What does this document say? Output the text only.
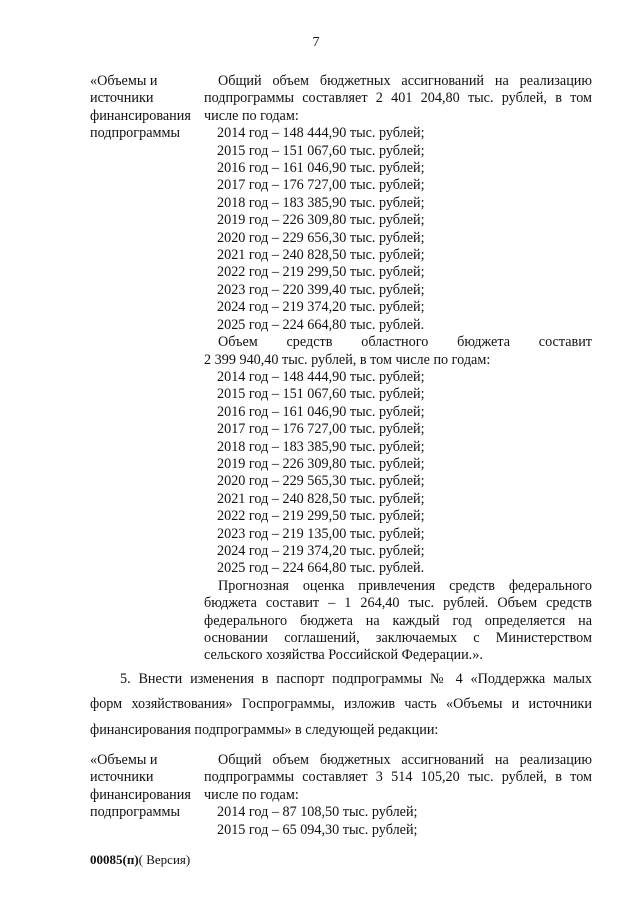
7
«Объемы и
источники
финансирования
подпрограммы
Общий объем бюджетных ассигнований на реализацию
подпрограммы составляет 2 401 204,80 тыс. рублей, в том
числе по годам:
2014 год – 148 444,90 тыс. рублей;
2015 год – 151 067,60 тыс. рублей;
2016 год – 161 046,90 тыс. рублей;
2017 год – 176 727,00 тыс. рублей;
2018 год – 183 385,90 тыс. рублей;
2019 год – 226 309,80 тыс. рублей;
2020 год – 229 656,30 тыс. рублей;
2021 год – 240 828,50 тыс. рублей;
2022 год – 219 299,50 тыс. рублей;
2023 год – 220 399,40 тыс. рублей;
2024 год – 219 374,20 тыс. рублей;
2025 год – 224 664,80 тыс. рублей.
Объем средств областного бюджета составит
2 399 940,40 тыс. рублей, в том числе по годам:
2014 год – 148 444,90 тыс. рублей;
2015 год – 151 067,60 тыс. рублей;
2016 год – 161 046,90 тыс. рублей;
2017 год – 176 727,00 тыс. рублей;
2018 год – 183 385,90 тыс. рублей;
2019 год – 226 309,80 тыс. рублей;
2020 год – 229 565,30 тыс. рублей;
2021 год – 240 828,50 тыс. рублей;
2022 год – 219 299,50 тыс. рублей;
2023 год – 219 135,00 тыс. рублей;
2024 год – 219 374,20 тыс. рублей;
2025 год – 224 664,80 тыс. рублей.
Прогнозная оценка привлечения средств федерального
бюджета составит – 1 264,40 тыс. рублей. Объем средств
федерального бюджета на каждый год определяется на
основании соглашений, заключаемых с Министерством
сельского хозяйства Российской Федерации.».
5. Внести изменения в паспорт подпрограммы № 4 «Поддержка малых
форм хозяйствования» Госпрограммы, изложив часть «Объемы и источники
финансирования подпрограммы» в следующей редакции:
«Объемы и
источники
финансирования
подпрограммы
Общий объем бюджетных ассигнований на реализацию
подпрограммы составляет 3 514 105,20 тыс. рублей, в том
числе по годам:
2014 год – 87 108,50 тыс. рублей;
2015 год – 65 094,30 тыс. рублей;
00085(п)( Версия)
